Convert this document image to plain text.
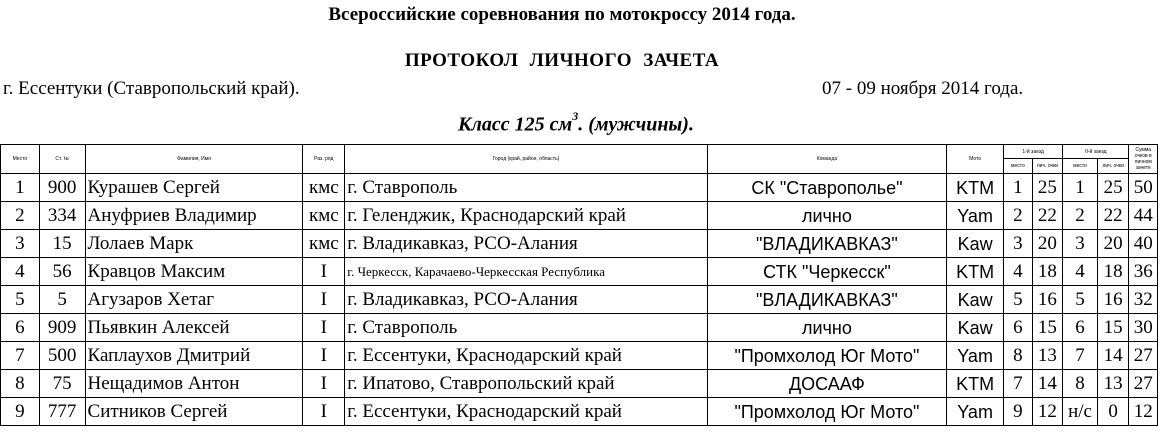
Всероссийские соревнования по мотокроссу 2014 года.
ПРОТОКОЛ ЛИЧНОГО ЗАЧЕТА
г. Ессентуки (Ставропольский край).	07 - 09 ноября 2014 года.
Класс 125 $см^3$. (мужчины).
Место	Ст. №	Фамилия, Имя	Раз. ряд	Город (край, район, область)	Команда	Мото	1-й заезд		II-й заезд		Сумма очков в личном зачете
							место	лич. очки	место	лич. очки	
1	900	Курашев Сергей	кмс	г. Ставрополь	СК "Ставрополье"	KTM	1	25	1	25	50
2	334	Ануфриев Владимир	кмс	г. Геленджик, Краснодарский край	лично	Yam	2	22	2	22	44
3	15	Лолаев Марк	кмс	г. Владикавказ, РСО-Алания	"ВЛАДИКАВКАЗ"	Kaw	3	20	3	20	40
4	56	Кравцов Максим	I	г. Черкесск, Карачаево-Черкесская Республика	СТК "Черкесск"	KTM	4	18	4	18	36
5	5	Агузаров Хетаг	I	г. Владикавказ, РСО-Алания	"ВЛАДИКАВКАЗ"	Kaw	5	16	5	16	32
6	909	Пьявкин Алексей	I	г. Ставрополь	лично	Kaw	6	15	6	15	30
7	500	Каплаухов Дмитрий	I	г. Ессентуки, Краснодарский край	"Промхолод Юг Мото"	Yam	8	13	7	14	27
8	75	Нещадимов Антон	I	г. Ипатово, Ставропольский край	ДОСААФ	KTM	7	14	8	13	27
9	777	Ситников Сергей	I	г. Ессентуки, Краснодарский край	"Промхолод Юг Мото"	Yam	9	12	н/с	0	12
